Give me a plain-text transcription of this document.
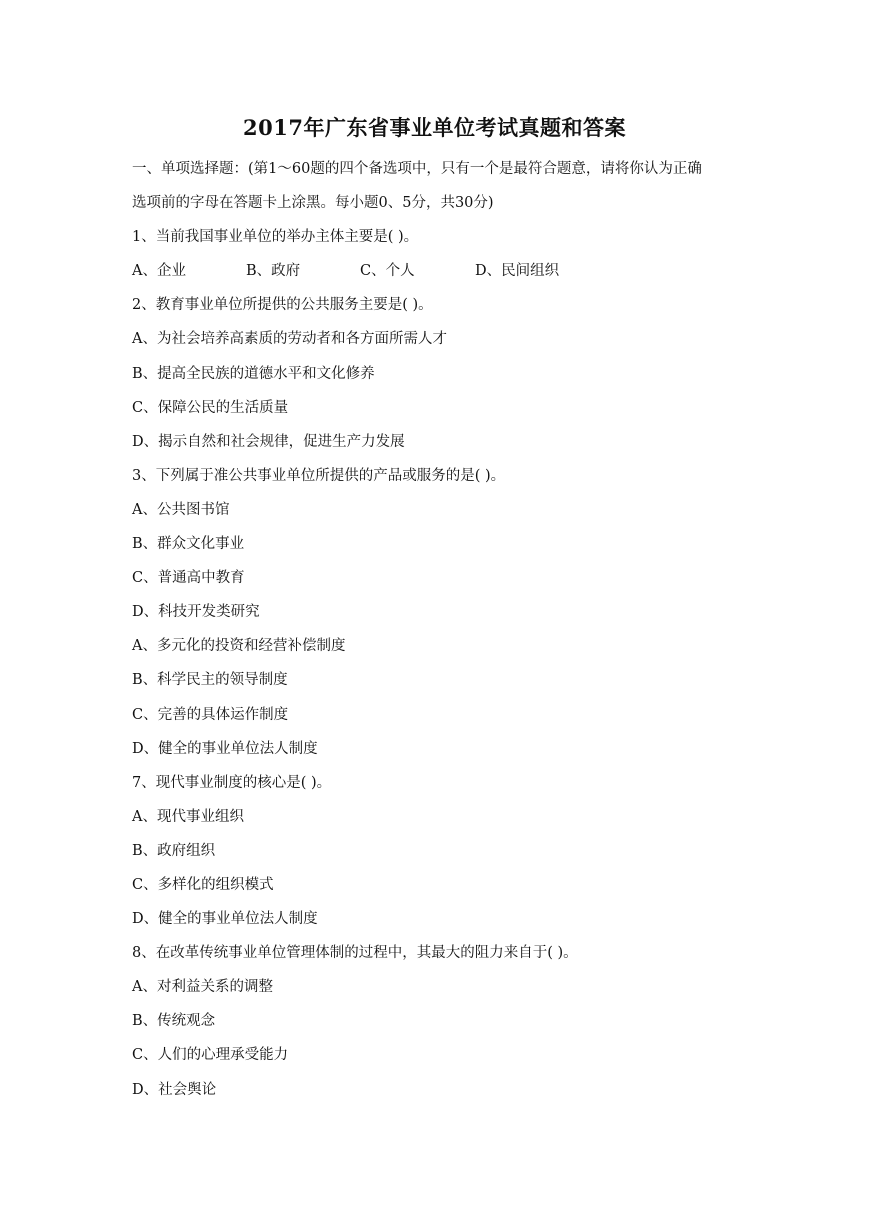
2017年广东省事业单位考试真题和答案
一、单项选择题：(第1～60题的四个备选项中，只有一个是最符合题意，请将你认为正确
选项前的字母在答题卡上涂黑。每小题0、5分，共30分)
1、当前我国事业单位的举办主体主要是( )。
A、企业	B、政府	C、个人	D、民间组织
2、教育事业单位所提供的公共服务主要是( )。
A、为社会培养高素质的劳动者和各方面所需人才
B、提高全民族的道德水平和文化修养
C、保障公民的生活质量
D、揭示自然和社会规律，促进生产力发展
3、下列属于准公共事业单位所提供的产品或服务的是( )。
A、公共图书馆
B、群众文化事业
C、普通高中教育
D、科技开发类研究
A、多元化的投资和经营补偿制度
B、科学民主的领导制度
C、完善的具体运作制度
D、健全的事业单位法人制度
7、现代事业制度的核心是( )。
A、现代事业组织
B、政府组织
C、多样化的组织模式
D、健全的事业单位法人制度
8、在改革传统事业单位管理体制的过程中，其最大的阻力来自于( )。
A、对利益关系的调整
B、传统观念
C、人们的心理承受能力
D、社会舆论
